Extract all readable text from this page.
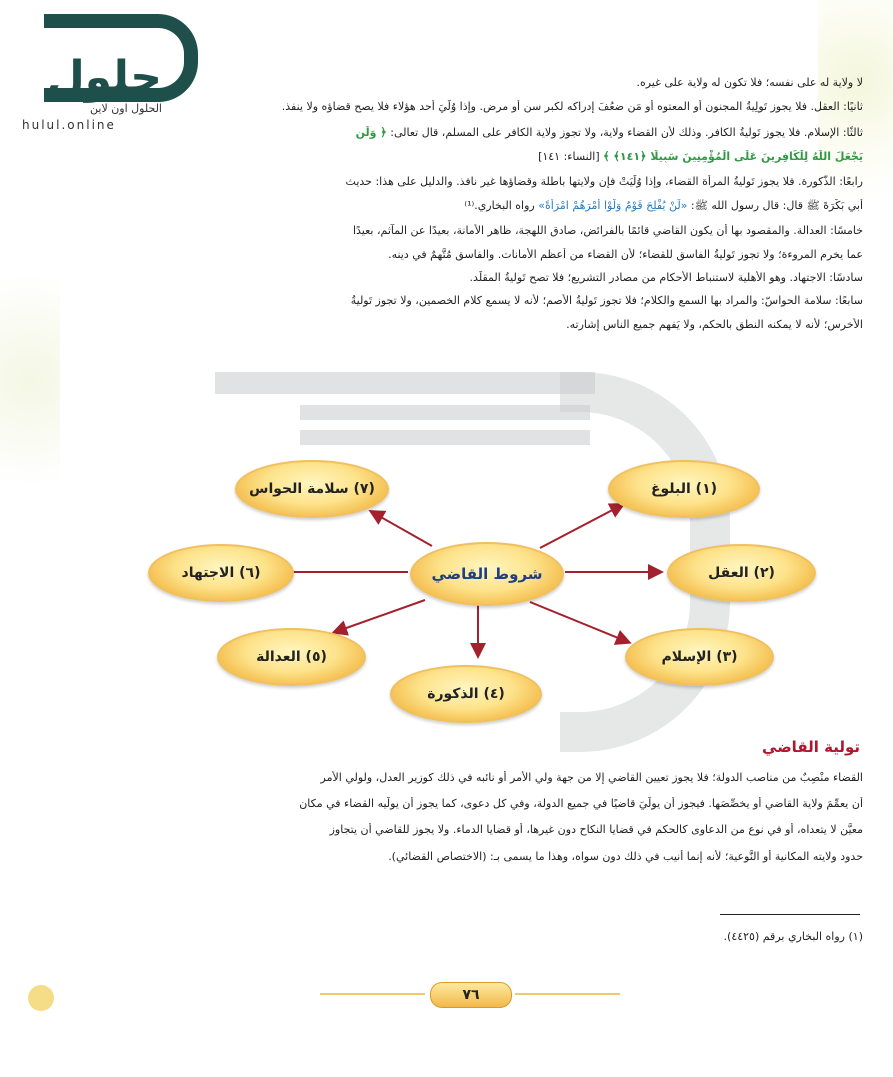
حلول
الحلول اون لاين
hulul.online
لا ولاية له على نفسه؛ فلا تكون له ولاية على غيره.
ثانيًا: العقل. فلا يجوز تَولِيةُ المجنون أو المعتوه أو مَن ضعُفَ إدراكه لكبر سن أو مرض. وإذا وُلِّيَ أحد هؤلاء فلا يصح قضاؤه ولا ينفذ.
ثالثًا: الإسلام. فلا يجوز تَوليةُ الكافر. وذلك لأن القضاء ولاية، ولا تجوز ولاية الكافر على المسلم، قال تعالى: ﴿ وَلَن
يَجْعَلَ اللَّهُ لِلْكَافِرِينَ عَلَى الْمُؤْمِنِينَ سَبِيلًا ﴿١٤١﴾ ﴾ [النساء: ١٤١]
رابعًا: الذُّكورة. فلا يجوز تَوليةُ المرأة القضاء، وإذا وُلِّيَتْ فإن ولايتها باطلة وقضاؤها غير نافذ. والدليل على هذا: حديث
أبي بَكْرَةَ ﷺ قال: قال رسول الله ﷺ: «لَنْ يُفْلِحَ قَوْمٌ وَلَّوْا أَمْرَهُمْ امْرَأَةً» رواه البخاري.⁽¹⁾
خامسًا: العدالة. والمقصود بها أن يكون القاضي قائمًا بالفرائض، صادق اللهجة، ظاهر الأمانة، بعيدًا عن المآثم، بعيدًا
عما يخرم المروءة؛ ولا تجوز تَوليةُ الفاسق للقضاء؛ لأن القضاء من أعظم الأمانات. والفاسق مُتَّهمٌ في دينه.
سادسًا: الاجتهاد. وهو الأهلية لاستنباط الأحكام من مصادر التشريع؛ فلا تصح تَوليةُ المقلِّد.
سابعًا: سلامة الحواسّ: والمراد بها السمع والكلام؛ فلا تجوز تَوليةُ الأصم؛ لأنه لا يسمع كلام الخصمين، ولا تجوز تَوليةُ
الأخرس؛ لأنه لا يمكنه النطق بالحكم، ولا يَفهم جميع الناس إشارته.
شروط القاضي
(١) البلوغ
(٢) العقل
(٣) الإسلام
(٤) الذكورة
(٥) العدالة
(٦) الاجتهاد
(٧) سلامة الحواس
تولية القاضي
القضاء منْصِبٌ من مناصب الدولة؛ فلا يجوز تعيين القاضي إلا من جهة ولي الأمر أو نائبه في ذلك كوزير العدل، ولولي الأمر
أن يعمِّمَ ولاية القاضي أو يخصِّصَها. فيجوز أن يولّيَ قاضيًا في جميع الدولة، وفي كل دعوى، كما يجوز أن يولّيه القضاء في مكان
معيَّن لا يتعداه، أو في نوع من الدعاوى كالحكم في قضايا النكاح دون غيرها، أو قضايا الدماء. ولا يجوز للقاضي أن يتجاوز
حدود ولايته المكانية أو النَّوعية؛ لأنه إنما أُنيب في ذلك دون سواه، وهذا ما يسمى بـ: (الاختصاص القضائي).
(١) رواه البخاري برقم (٤٤٢٥).
٧٦
